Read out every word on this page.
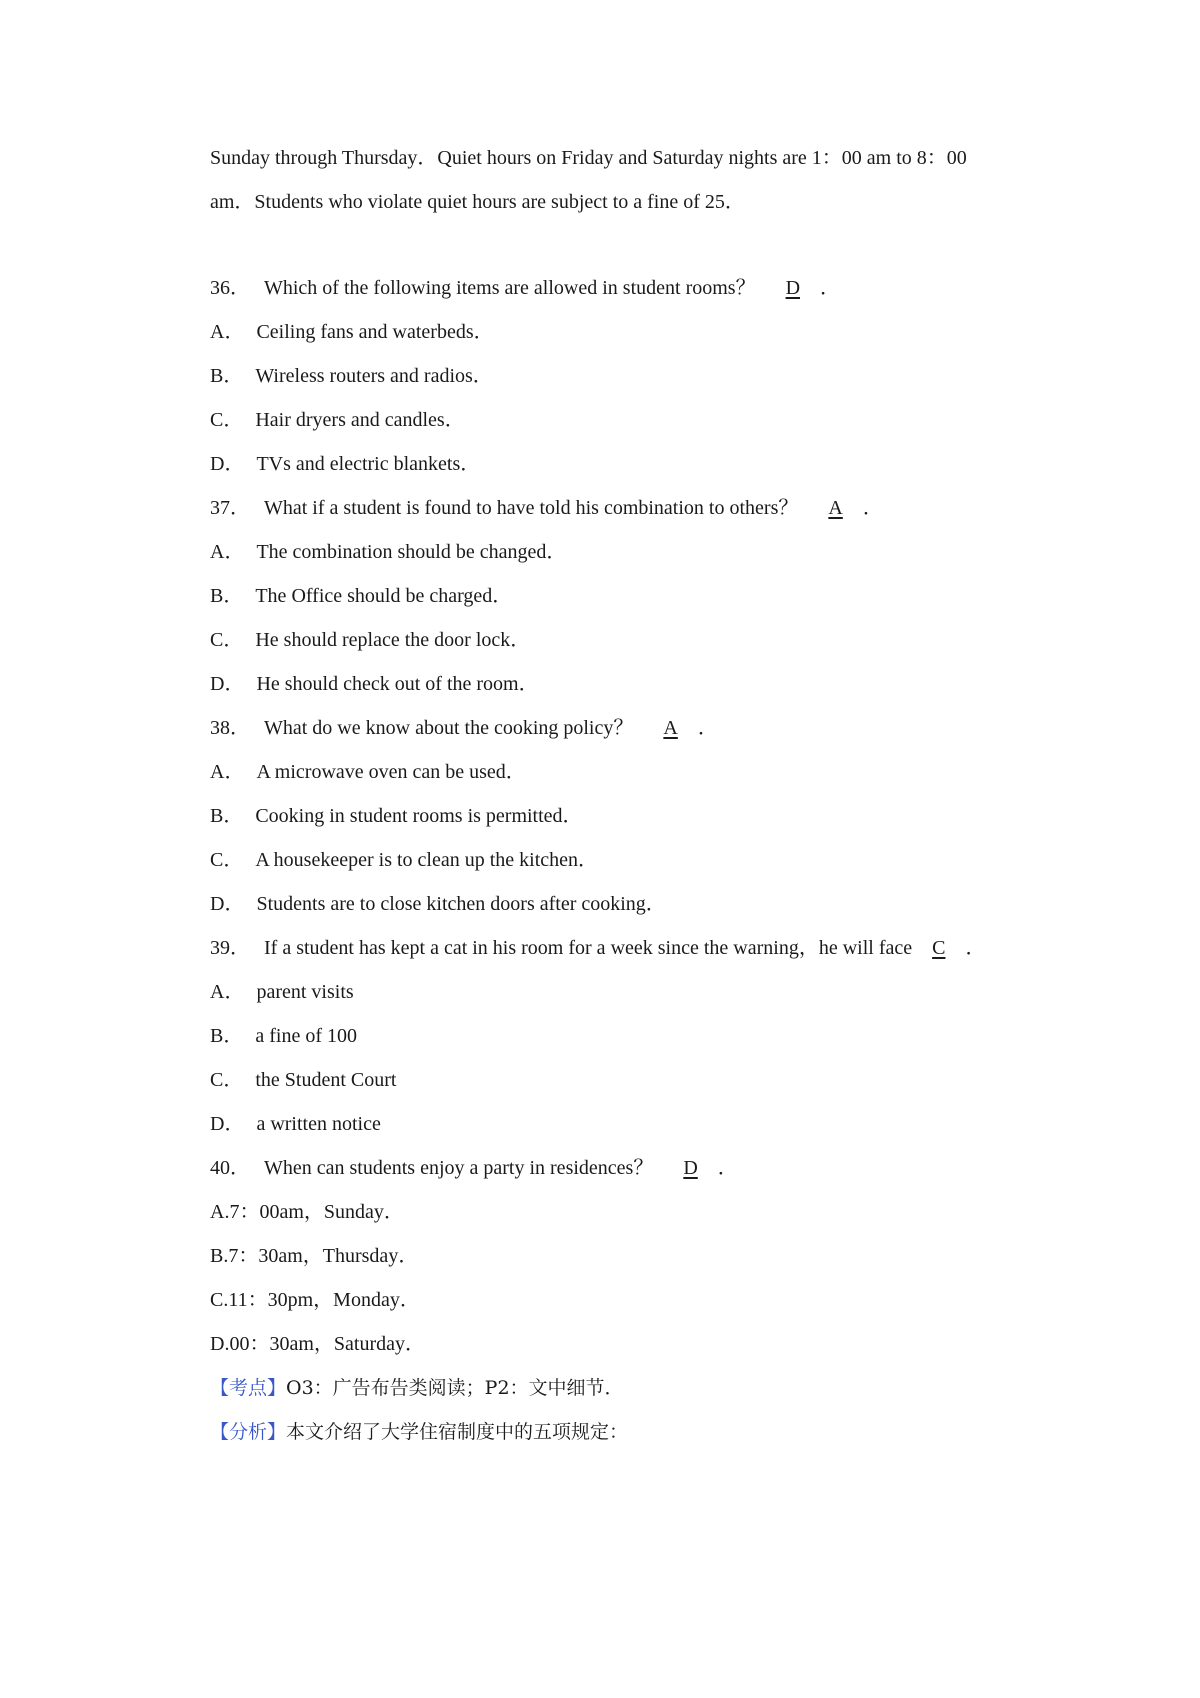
Sunday through Thursday．Quiet hours on Friday and Saturday nights are 1：00 am to 8：00
am．Students who violate quiet hours are subject to a fine of 25．
36． Which of the following items are allowed in student rooms？ D ．
A． Ceiling fans and waterbeds．
B． Wireless routers and radios．
C． Hair dryers and candles．
D． TVs and electric blankets．
37． What if a student is found to have told his combination to others？ A ．
A． The combination should be changed．
B． The Office should be charged．
C． He should replace the door lock．
D． He should check out of the room．
38． What do we know about the cooking policy？ A ．
A． A microwave oven can be used．
B． Cooking in student rooms is permitted．
C． A housekeeper is to clean up the kitchen．
D． Students are to close kitchen doors after cooking．
39． If a student has kept a cat in his room for a week since the warning，he will face C ．
A． parent visits
B． a fine of 100
C． the Student Court
D． a written notice
40． When can students enjoy a party in residences？ D ．
A.7：00am，Sunday．
B.7：30am，Thursday．
C.11：30pm，Monday．
D.00：30am，Saturday．
【考点】O3：广告布告类阅读；P2：文中细节．
【分析】本文介绍了大学住宿制度中的五项规定：
